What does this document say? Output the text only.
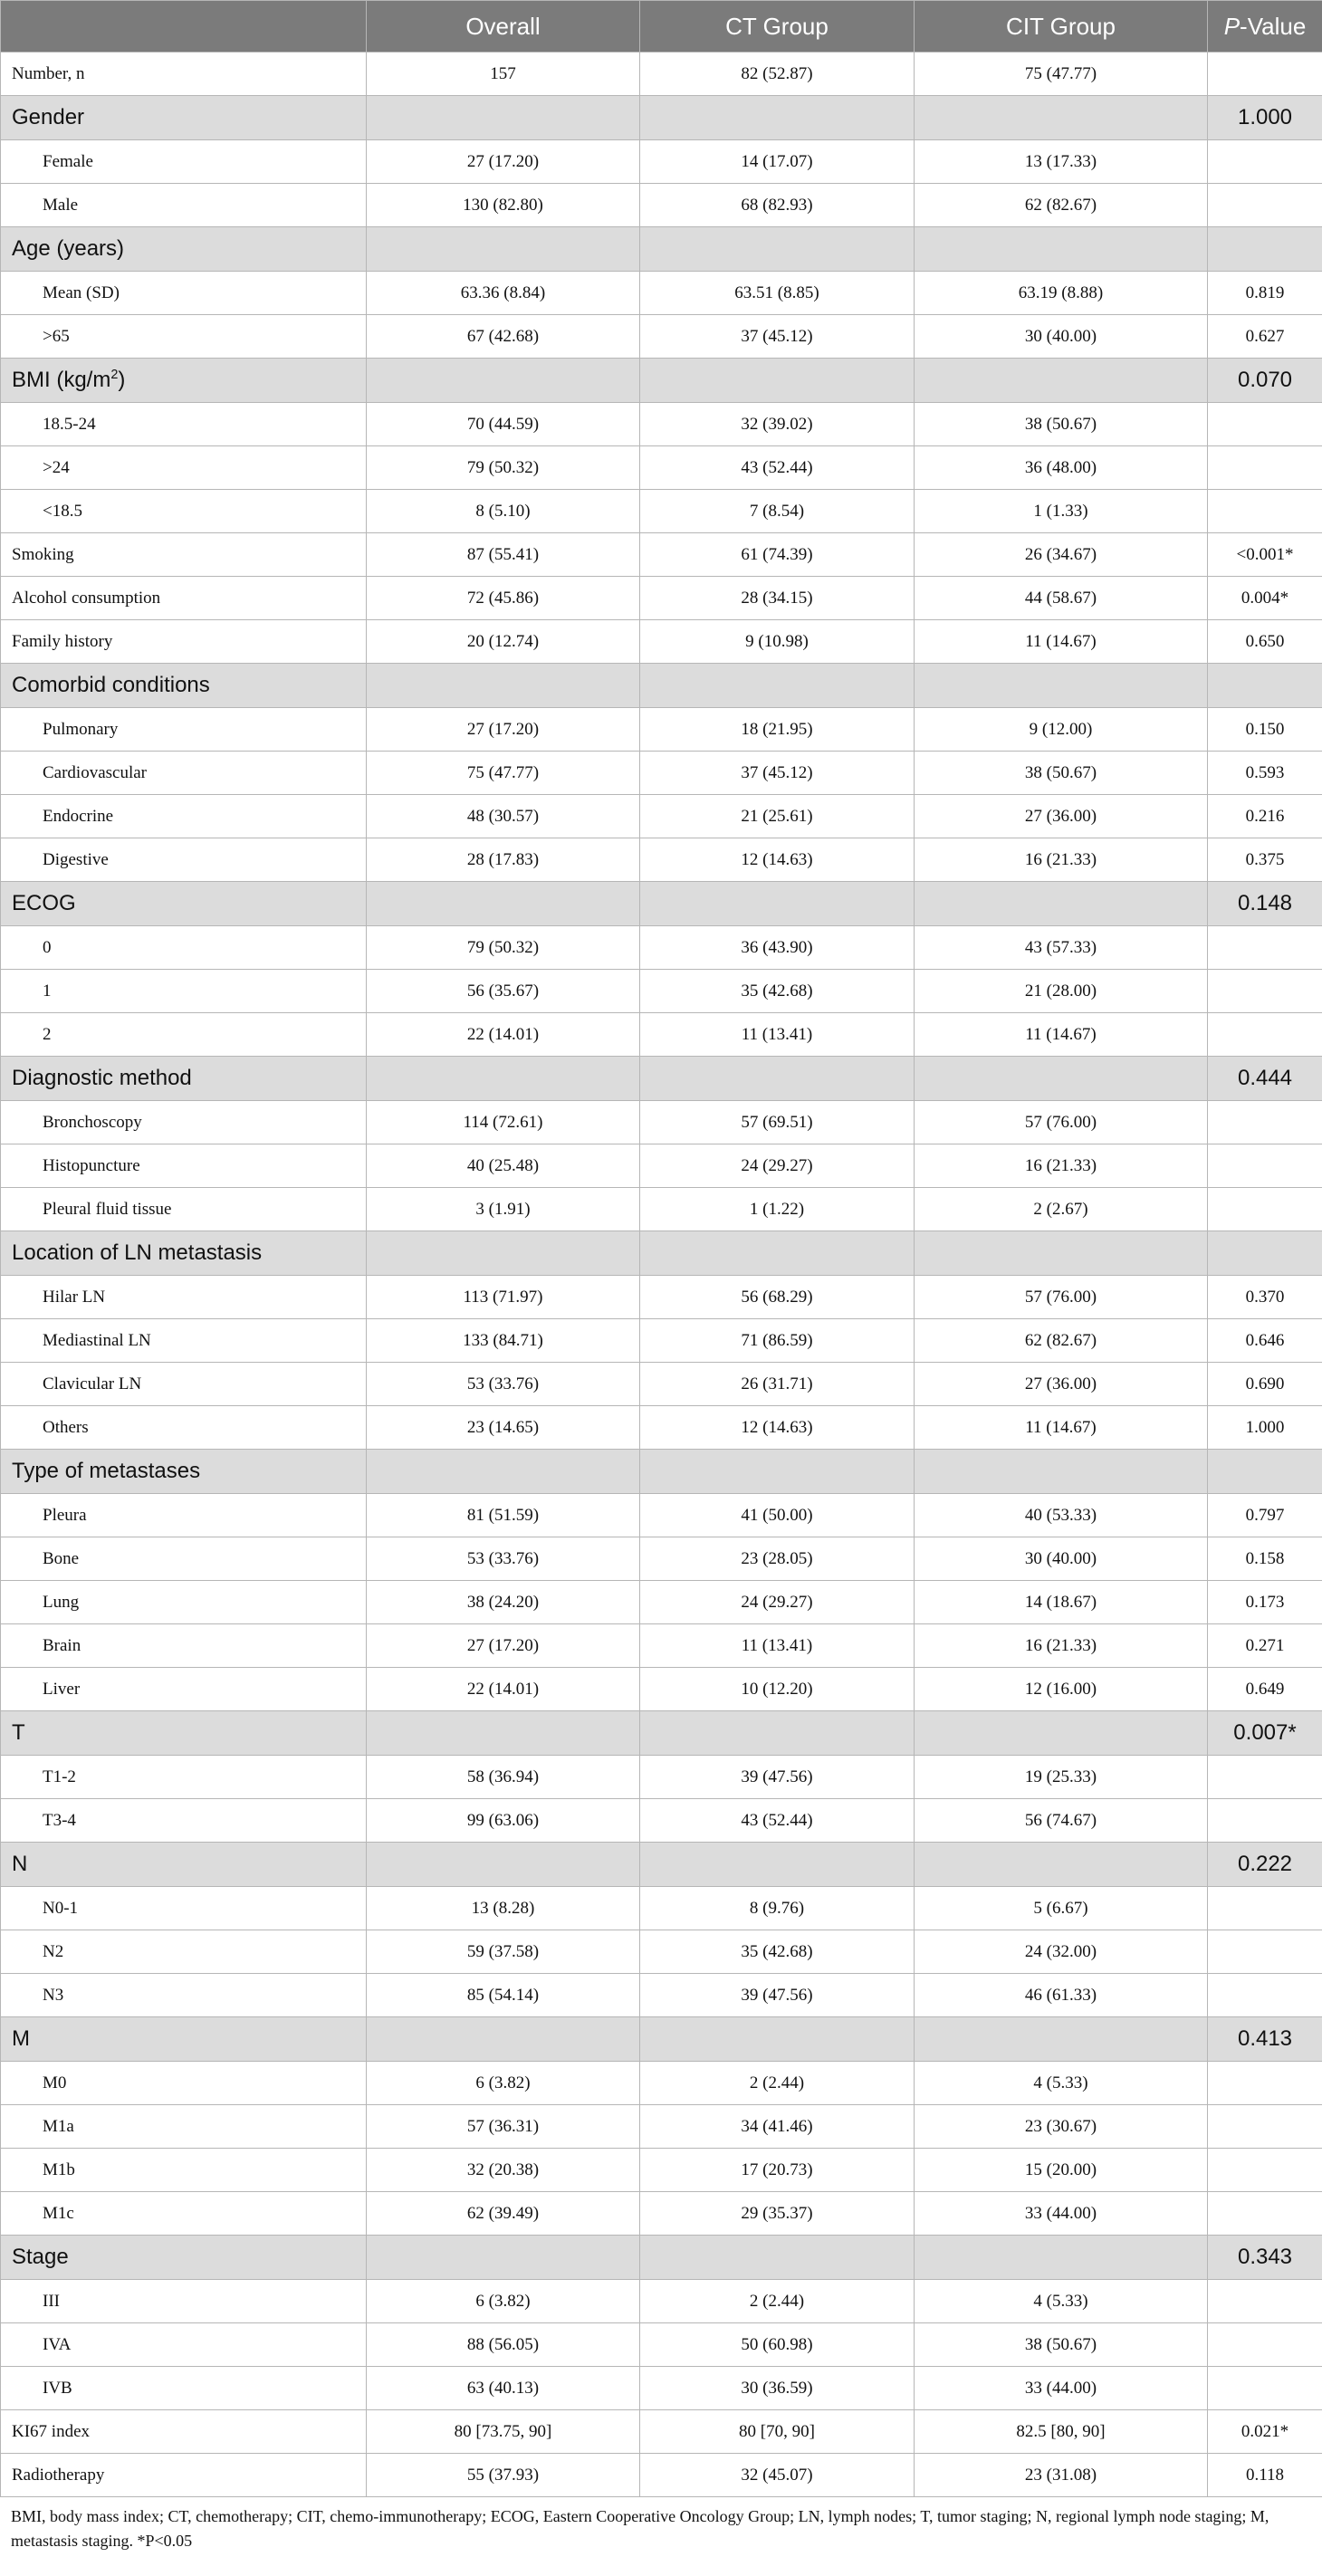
	Overall	CT Group	CIT Group	P-Value
Number, n	157	82 (52.87)	75 (47.77)	
Gender				1.000
Female	27 (17.20)	14 (17.07)	13 (17.33)	
Male	130 (82.80)	68 (82.93)	62 (82.67)	
Age (years)				
Mean (SD)	63.36 (8.84)	63.51 (8.85)	63.19 (8.88)	0.819
>65	67 (42.68)	37 (45.12)	30 (40.00)	0.627
BMI $(kg/m^2)$				0.070
18.5-24	70 (44.59)	32 (39.02)	38 (50.67)	
>24	79 (50.32)	43 (52.44)	36 (48.00)	
<18.5	8 (5.10)	7 (8.54)	1 (1.33)	
Smoking	87 (55.41)	61 (74.39)	26 (34.67)	<0.001*
Alcohol consumption	72 (45.86)	28 (34.15)	44 (58.67)	0.004*
Family history	20 (12.74)	9 (10.98)	11 (14.67)	0.650
Comorbid conditions				
Pulmonary	27 (17.20)	18 (21.95)	9 (12.00)	0.150
Cardiovascular	75 (47.77)	37 (45.12)	38 (50.67)	0.593
Endocrine	48 (30.57)	21 (25.61)	27 (36.00)	0.216
Digestive	28 (17.83)	12 (14.63)	16 (21.33)	0.375
ECOG				0.148
0	79 (50.32)	36 (43.90)	43 (57.33)	
1	56 (35.67)	35 (42.68)	21 (28.00)	
2	22 (14.01)	11 (13.41)	11 (14.67)	
Diagnostic method				0.444
Bronchoscopy	114 (72.61)	57 (69.51)	57 (76.00)	
Histopuncture	40 (25.48)	24 (29.27)	16 (21.33)	
Pleural fluid tissue	3 (1.91)	1 (1.22)	2 (2.67)	
Location of LN metastasis				
Hilar LN	113 (71.97)	56 (68.29)	57 (76.00)	0.370
Mediastinal LN	133 (84.71)	71 (86.59)	62 (82.67)	0.646
Clavicular LN	53 (33.76)	26 (31.71)	27 (36.00)	0.690
Others	23 (14.65)	12 (14.63)	11 (14.67)	1.000
Type of metastases				
Pleura	81 (51.59)	41 (50.00)	40 (53.33)	0.797
Bone	53 (33.76)	23 (28.05)	30 (40.00)	0.158
Lung	38 (24.20)	24 (29.27)	14 (18.67)	0.173
Brain	27 (17.20)	11 (13.41)	16 (21.33)	0.271
Liver	22 (14.01)	10 (12.20)	12 (16.00)	0.649
T				0.007*
T1-2	58 (36.94)	39 (47.56)	19 (25.33)	
T3-4	99 (63.06)	43 (52.44)	56 (74.67)	
N				0.222
N0-1	13 (8.28)	8 (9.76)	5 (6.67)	
N2	59 (37.58)	35 (42.68)	24 (32.00)	
N3	85 (54.14)	39 (47.56)	46 (61.33)	
M				0.413
M0	6 (3.82)	2 (2.44)	4 (5.33)	
M1a	57 (36.31)	34 (41.46)	23 (30.67)	
M1b	32 (20.38)	17 (20.73)	15 (20.00)	
M1c	62 (39.49)	29 (35.37)	33 (44.00)	
Stage				0.343
III	6 (3.82)	2 (2.44)	4 (5.33)	
IVA	88 (56.05)	50 (60.98)	38 (50.67)	
IVB	63 (40.13)	30 (36.59)	33 (44.00)	
KI67 index	80 [73.75, 90]	80 [70, 90]	82.5 [80, 90]	0.021*
Radiotherapy	55 (37.93)	32 (45.07)	23 (31.08)	0.118
BMI, body mass index; CT, chemotherapy; CIT, chemo-immunotherapy; ECOG, Eastern Cooperative Oncology Group; LN, lymph nodes; T, tumor staging; N, regional lymph node staging; M, metastasis staging. *P<0.05
